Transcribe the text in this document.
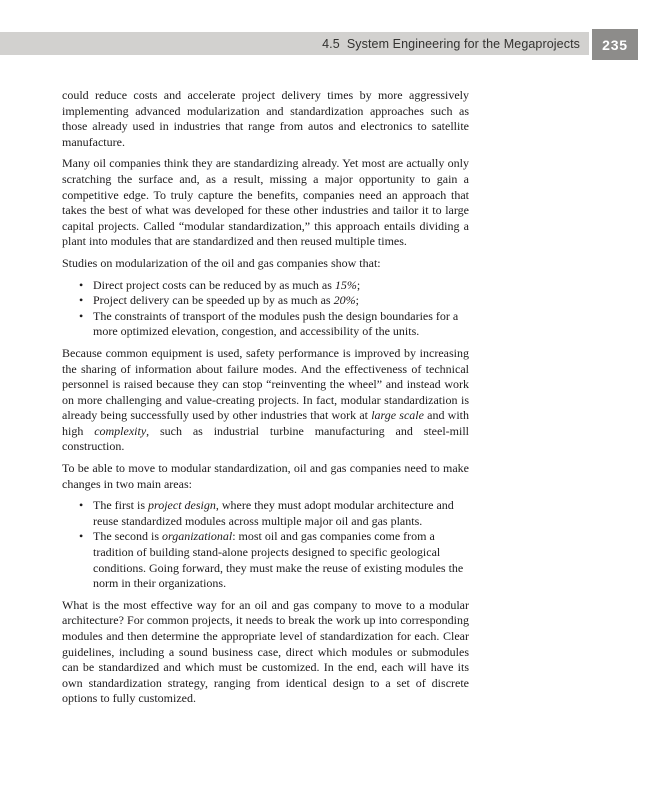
4.5 System Engineering for the Megaprojects 235

could reduce costs and accelerate project delivery times by more aggressively implementing advanced modularization and standardization approaches such as those already used in industries that range from autos and electronics to satellite manufacture.

Many oil companies think they are standardizing already. Yet most are actually only scratching the surface and, as a result, missing a major opportunity to gain a competitive edge. To truly capture the benefits, companies need an approach that takes the best of what was developed for these other industries and tailor it to large capital projects. Called “modular standardization,” this approach entails dividing a plant into modules that are standardized and then reused multiple times.

Studies on modularization of the oil and gas companies show that:

• Direct project costs can be reduced by as much as 15%;
• Project delivery can be speeded up by as much as 20%;
• The constraints of transport of the modules push the design boundaries for a more optimized elevation, congestion, and accessibility of the units.

Because common equipment is used, safety performance is improved by increasing the sharing of information about failure modes. And the effectiveness of technical personnel is raised because they can stop “reinventing the wheel” and instead work on more challenging and value-creating projects. In fact, modular standardization is already being successfully used by other industries that work at large scale and with high complexity, such as industrial turbine manufacturing and steel-mill construction.

To be able to move to modular standardization, oil and gas companies need to make changes in two main areas:

• The first is project design, where they must adopt modular architecture and reuse standardized modules across multiple major oil and gas plants.
• The second is organizational: most oil and gas companies come from a tradition of building stand-alone projects designed to specific geological conditions. Going forward, they must make the reuse of existing modules the norm in their organizations.

What is the most effective way for an oil and gas company to move to a modular architecture? For common projects, it needs to break the work up into corresponding modules and then determine the appropriate level of standardization for each. Clear guidelines, including a sound business case, direct which modules or submodules can be standardized and which must be customized. In the end, each will have its own standardization strategy, ranging from identical design to a set of discrete options to fully customized.
